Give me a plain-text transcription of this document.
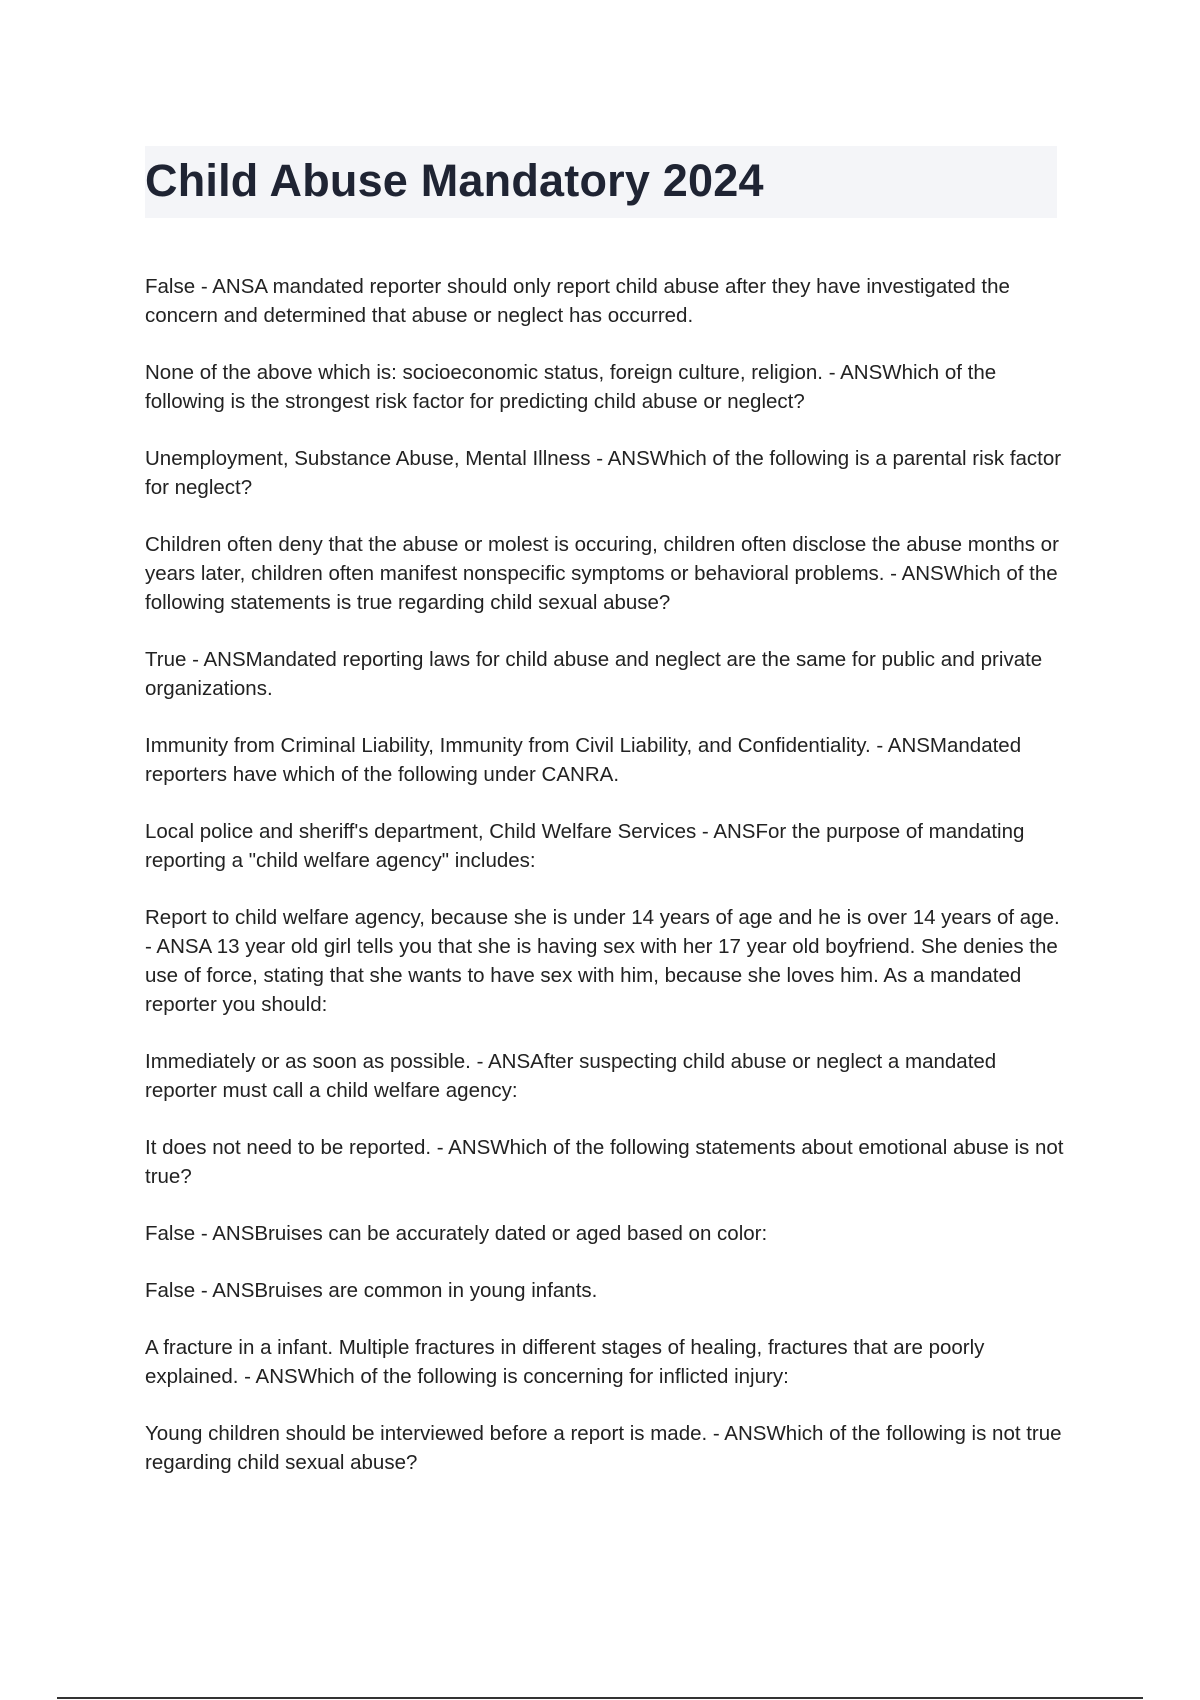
Child Abuse Mandatory 2024

False - ANSA mandated reporter should only report child abuse after they have investigated the concern and determined that abuse or neglect has occurred.

None of the above which is: socioeconomic status, foreign culture, religion. - ANSWhich of the following is the strongest risk factor for predicting child abuse or neglect?

Unemployment, Substance Abuse, Mental Illness - ANSWhich of the following is a parental risk factor for neglect?

Children often deny that the abuse or molest is occuring, children often disclose the abuse months or years later, children often manifest nonspecific symptoms or behavioral problems. - ANSWhich of the following statements is true regarding child sexual abuse?

True - ANSMandated reporting laws for child abuse and neglect are the same for public and private organizations.

Immunity from Criminal Liability, Immunity from Civil Liability, and Confidentiality. - ANSMandated reporters have which of the following under CANRA.

Local police and sheriff's department, Child Welfare Services - ANSFor the purpose of mandating reporting a "child welfare agency" includes:

Report to child welfare agency, because she is under 14 years of age and he is over 14 years of age. - ANSA 13 year old girl tells you that she is having sex with her 17 year old boyfriend. She denies the use of force, stating that she wants to have sex with him, because she loves him. As a mandated reporter you should:

Immediately or as soon as possible. - ANSAfter suspecting child abuse or neglect a mandated reporter must call a child welfare agency:

It does not need to be reported. - ANSWhich of the following statements about emotional abuse is not true?

False - ANSBruises can be accurately dated or aged based on color:

False - ANSBruises are common in young infants.

A fracture in a infant. Multiple fractures in different stages of healing, fractures that are poorly explained. - ANSWhich of the following is concerning for inflicted injury:

Young children should be interviewed before a report is made. - ANSWhich of the following is not true regarding child sexual abuse?
